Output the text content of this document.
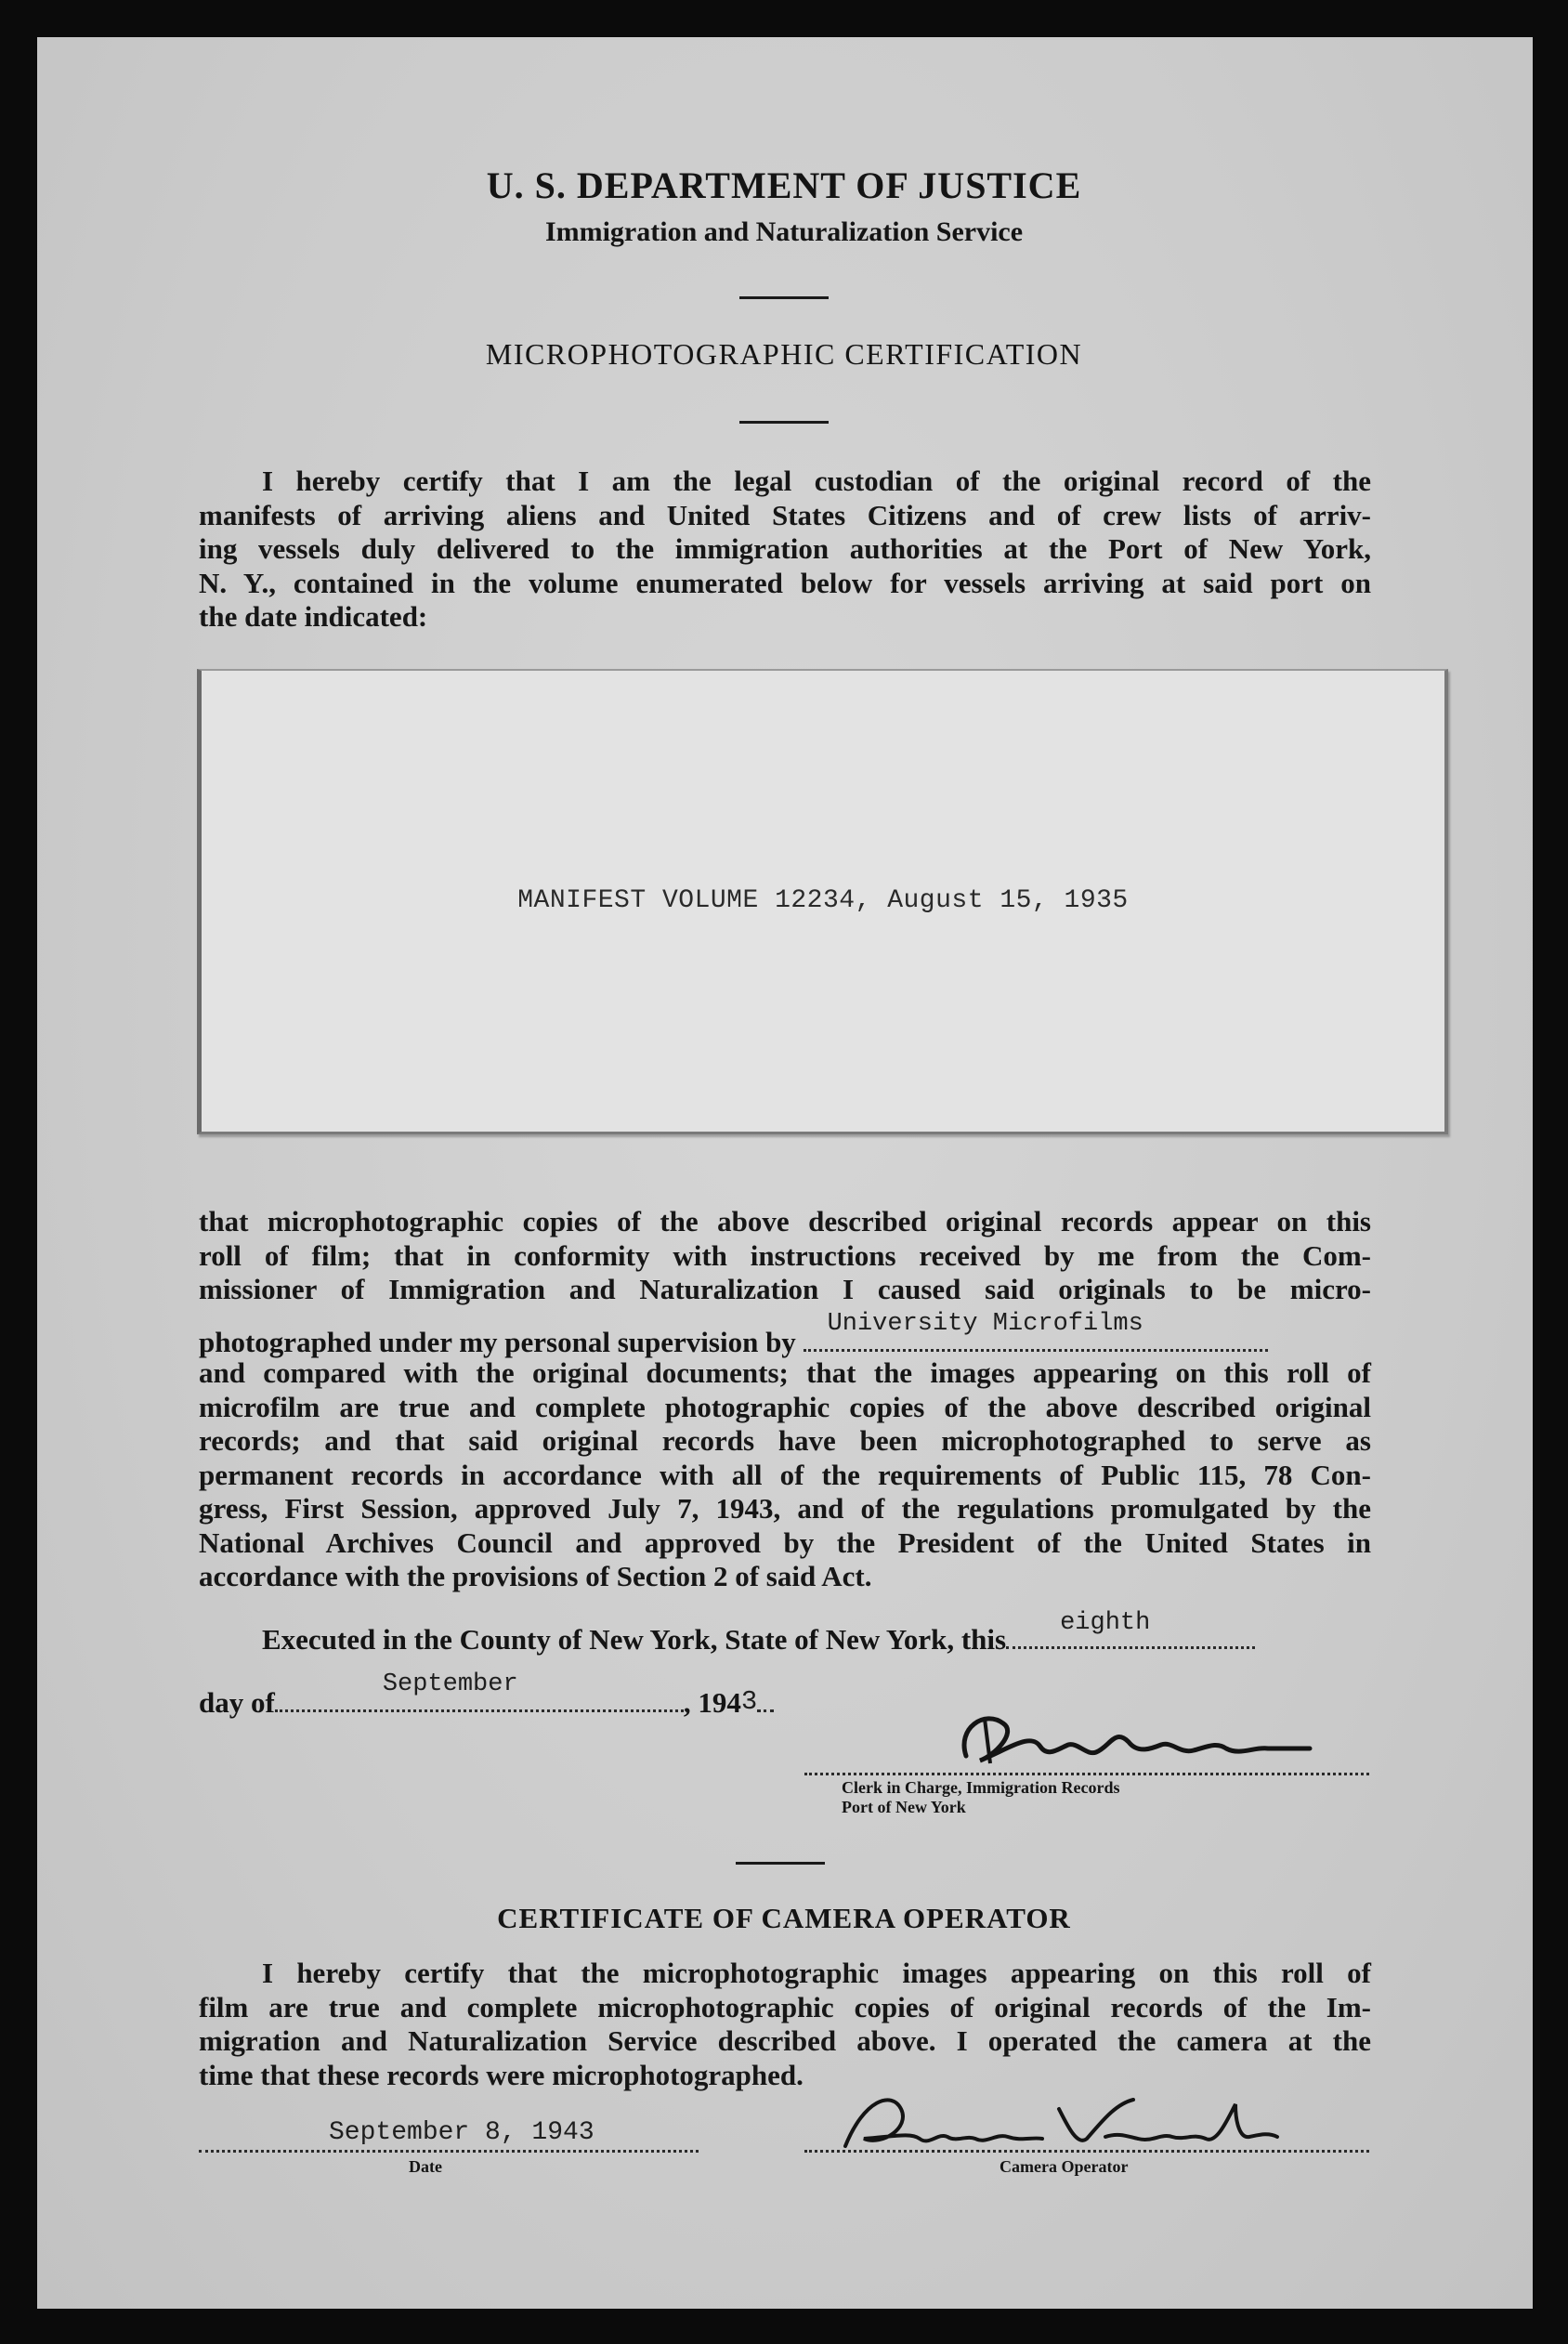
U. S. DEPARTMENT OF JUSTICE
Immigration and Naturalization Service
MICROPHOTOGRAPHIC CERTIFICATION
I hereby certify that I am the legal custodian of the original record of the
manifests of arriving aliens and United States Citizens and of crew lists of arriv-
ing vessels duly delivered to the immigration authorities at the Port of New York,
N. Y., contained in the volume enumerated below for vessels arriving at said port on
the date indicated:
MANIFEST VOLUME 12234, August 15, 1935
that microphotographic copies of the above described original records appear on this
roll of film; that in conformity with instructions received by me from the Com-
missioner of Immigration and Naturalization I caused said originals to be micro-
photographed under my personal supervision by
University Microfilms
and compared with the original documents; that the images appearing on this roll of
microfilm are true and complete photographic copies of the above described original
records; and that said original records have been microphotographed to serve as
permanent records in accordance with all of the requirements of Public 115, 78 Con-
gress, First Session, approved July 7, 1943, and of the regulations promulgated by the
National Archives Council and approved by the President of the United States in
accordance with the provisions of Section 2 of said Act.
Executed in the County of New York, State of New York, this eighth
day of
September
, 1943
Clerk in Charge, Immigration Records
Port of New York
CERTIFICATE OF CAMERA OPERATOR
I hereby certify that the microphotographic images appearing on this roll of
film are true and complete microphotographic copies of original records of the Im-
migration and Naturalization Service described above. I operated the camera at the
time that these records were microphotographed.
September 8, 1943
Date	Camera Operator
